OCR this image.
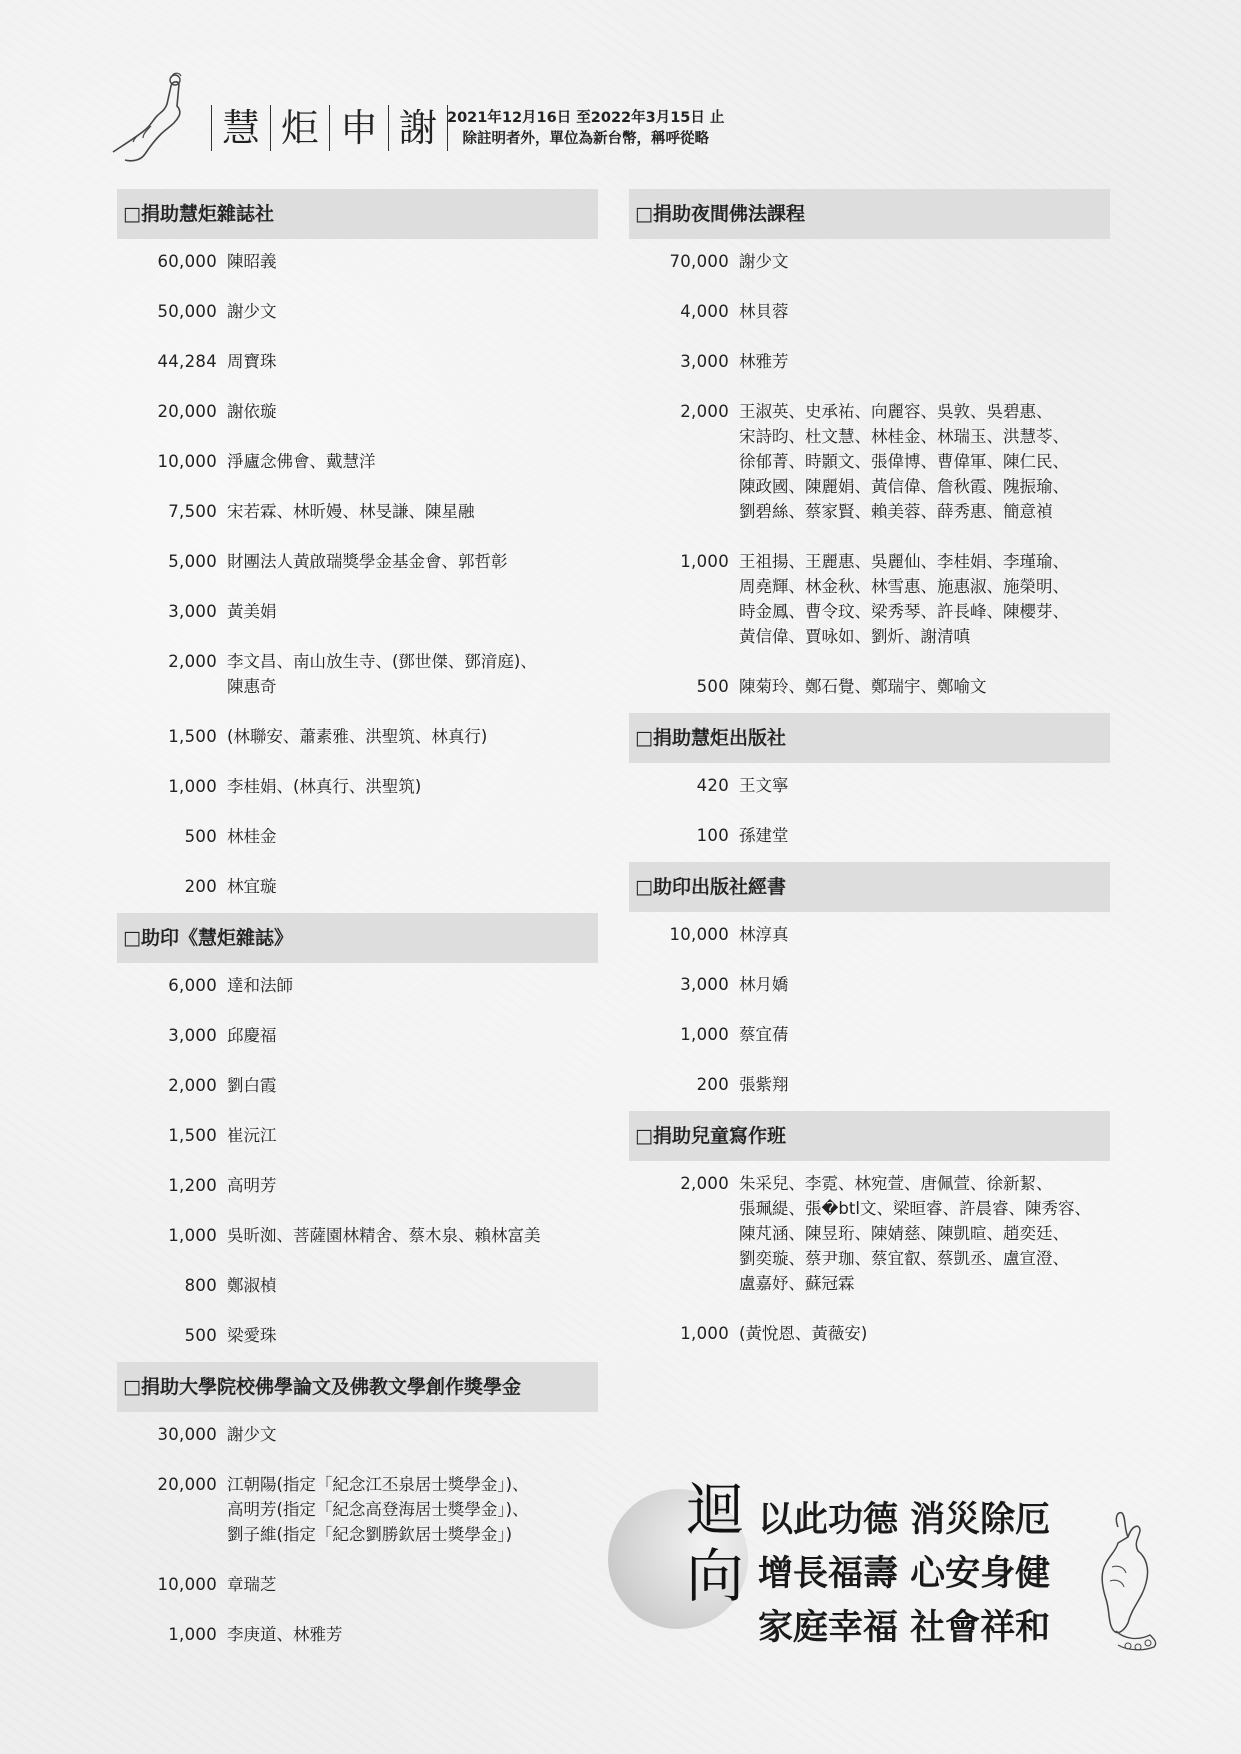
慧 炬 申 謝 2021年12月16日 至2022年3月15日 止
除註明者外，單位為新台幣，稱呼從略
□捐助慧炬雜誌社
60,000 陳昭義
50,000 謝少文
44,284 周寶珠
20,000 謝依璇
10,000 淨廬念佛會、戴慧洋
7,500 宋若霖、林昕嫚、林旻謙、陳星融
5,000 財團法人黃啟瑞獎學金基金會、郭哲彰
3,000 黃美娟
2,000 李文昌、南山放生寺、(鄧世傑、鄧湇庭)、
陳惠奇
1,500 (林聯安、蕭素雅、洪聖筑、林真行)
1,000 李桂娟、(林真行、洪聖筑)
500 林桂金
200 林宜璇
□助印《慧炬雜誌》
6,000 達和法師
3,000 邱慶福
2,000 劉白霞
1,500 崔沅江
1,200 高明芳
1,000 吳昕洳、菩薩園林精舍、蔡木泉、賴林富美
800 鄭淑楨
500 梁愛珠
□捐助大學院校佛學論文及佛教文學創作獎學金
30,000 謝少文
20,000 江朝陽(指定「紀念江丕泉居士獎學金」)、
高明芳(指定「紀念高登海居士獎學金」)、
劉子維(指定「紀念劉勝欽居士獎學金」)
10,000 章瑞芝
1,000 李庚道、林雅芳
□捐助夜間佛法課程
70,000 謝少文
4,000 林貝蓉
3,000 林雅芳
2,000 王淑英、史承祐、向麗容、吳敦、吳碧惠、
宋詩昀、杜文慧、林桂金、林瑞玉、洪慧苓、
徐郁菁、時顥文、張偉博、曹偉軍、陳仁民、
陳政國、陳麗娟、黃信偉、詹秋霞、隗振瑜、
劉碧絲、蔡家賢、賴美蓉、薛秀惠、簡意禎
1,000 王祖揚、王麗惠、吳麗仙、李桂娟、李瑾瑜、
周堯輝、林金秋、林雪惠、施惠淑、施榮明、
時金鳳、曹令玟、梁秀琴、許長峰、陳櫻芽、
黃信偉、賈咏如、劉炘、謝清嗔
500 陳菊玲、鄭石覺、鄭瑞宇、鄭喻文
□捐助慧炬出版社
420 王文寧
100 孫建堂
□助印出版社經書
10,000 林淳真
3,000 林月嬌
1,000 蔡宜蒨
200 張紫翔
□捐助兒童寫作班
2,000 朱采兒、李霓、林宛萱、唐佩萱、徐新絜、
張珮緹、張�btl文、梁晅睿、許晨睿、陳秀容、
陳芃涵、陳昱珩、陳婧慈、陳凱暄、趙奕廷、
劉奕璇、蔡尹珈、蔡宜叡、蔡凱丞、盧宣澄、
盧嘉妤、蘇冠霖
1,000 (黃悅恩、黃薇安)
迴
向
以此功德 消災除厄
增長福壽 心安身健
家庭幸福 社會祥和
